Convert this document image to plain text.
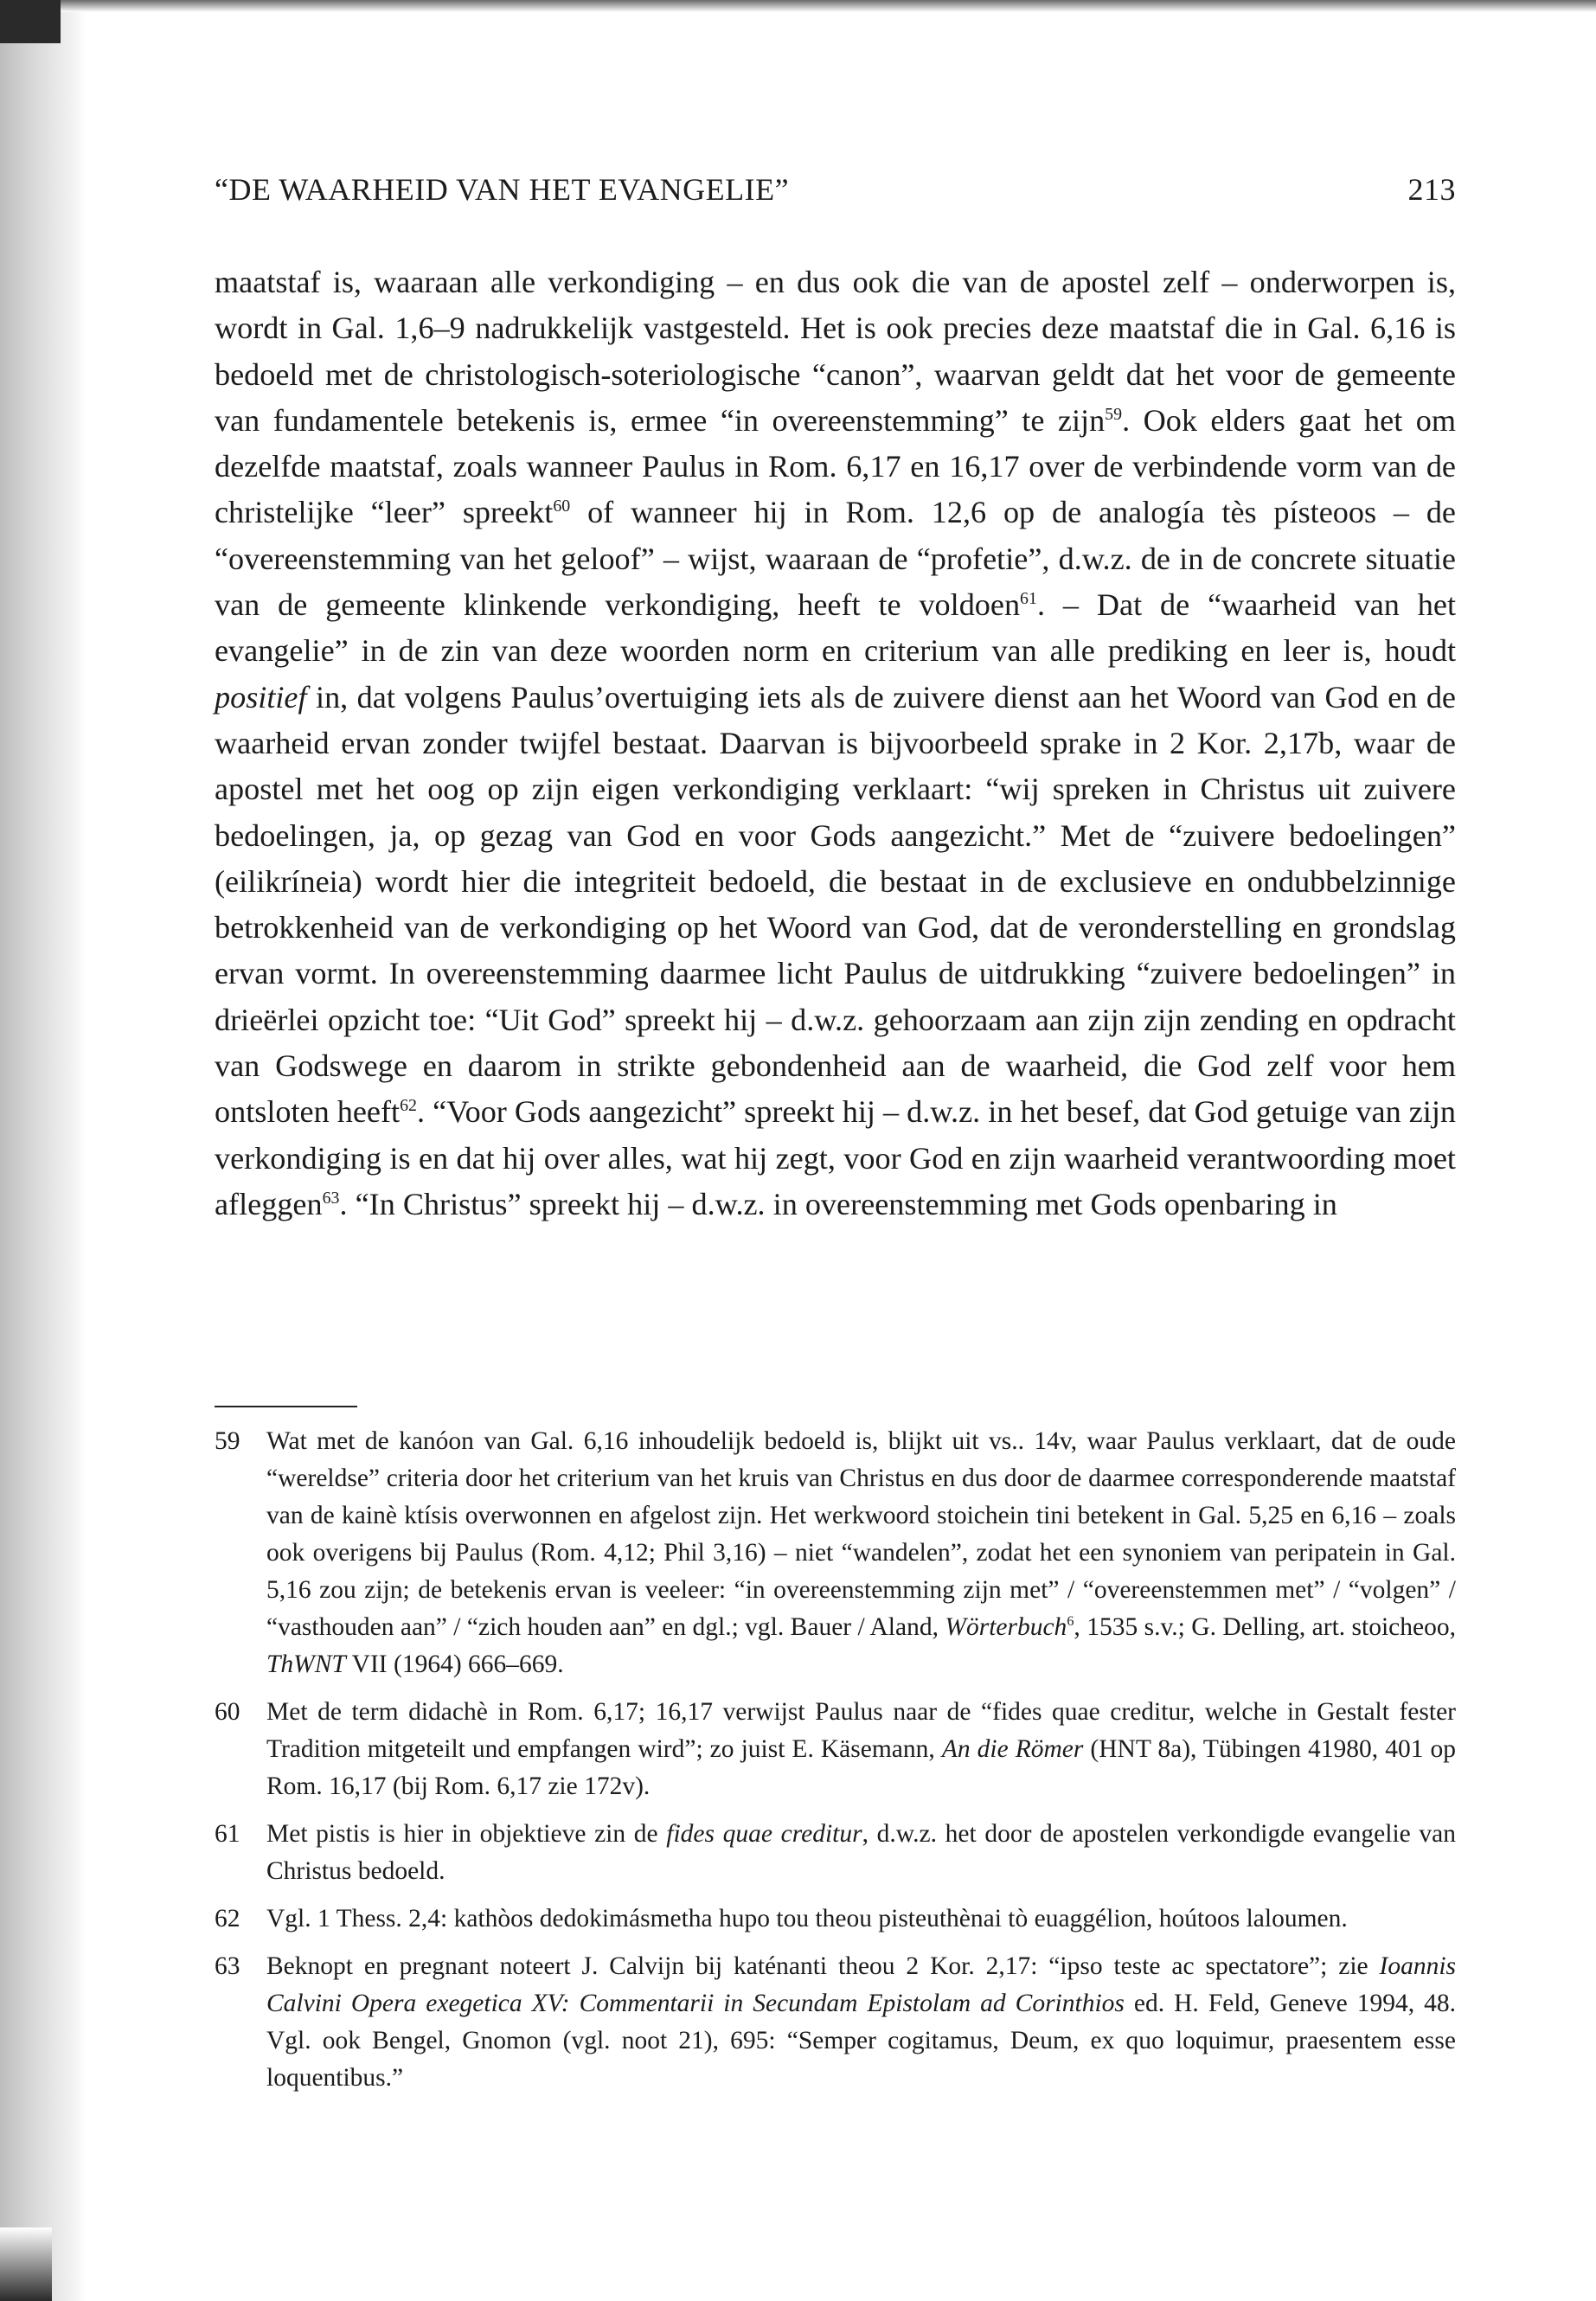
“DE WAARHEID VAN HET EVANGELIE”	213

maatstaf is, waaraan alle verkondiging – en dus ook die van de apostel zelf – onderworpen is, wordt in Gal. 1,6–9 nadrukkelijk vastgesteld. Het is ook precies deze maatstaf die in Gal. 6,16 is bedoeld met de christologisch-soteriologische “canon”, waarvan geldt dat het voor de gemeente van fundamentele betekenis is, ermee “in overeenstemming” te zijn$^{59}$. Ook elders gaat het om dezelfde maatstaf, zoals wanneer Paulus in Rom. 6,17 en 16,17 over de verbindende vorm van de christelijke “leer” spreekt$^{60}$ of wanneer hij in Rom. 12,6 op de analogía tès písteoos – de “overeenstemming van het geloof” – wijst, waaraan de “profetie”, d.w.z. de in de concrete situatie van de gemeente klinkende verkondiging, heeft te voldoen$^{61}$. – Dat de “waarheid van het evangelie” in de zin van deze woorden norm en criterium van alle prediking en leer is, houdt positief in, dat volgens Paulus’overtuiging iets als de zuivere dienst aan het Woord van God en de waarheid ervan zonder twijfel bestaat. Daarvan is bijvoorbeeld sprake in 2 Kor. 2,17b, waar de apostel met het oog op zijn eigen verkondiging verklaart: “wij spreken in Christus uit zuivere bedoelingen, ja, op gezag van God en voor Gods aangezicht.” Met de “zuivere bedoelingen” (eilikríneia) wordt hier die integriteit bedoeld, die bestaat in de exclusieve en ondubbelzinnige betrokkenheid van de verkondiging op het Woord van God, dat de veronderstelling en grondslag ervan vormt. In overeenstemming daarmee licht Paulus de uitdrukking “zuivere bedoelingen” in drieërlei opzicht toe: “Uit God” spreekt hij – d.w.z. gehoorzaam aan zijn zijn zending en opdracht van Godswege en daarom in strikte gebondenheid aan de waarheid, die God zelf voor hem ontsloten heeft$^{62}$. “Voor Gods aangezicht” spreekt hij – d.w.z. in het besef, dat God getuige van zijn verkondiging is en dat hij over alles, wat hij zegt, voor God en zijn waarheid verantwoording moet afleggen$^{63}$. “In Christus” spreekt hij – d.w.z. in overeenstemming met Gods openbaring in

59	Wat met de kanóon van Gal. 6,16 inhoudelijk bedoeld is, blijkt uit vs.. 14v, waar Paulus verklaart, dat de oude “wereldse” criteria door het criterium van het kruis van Christus en dus door de daarmee corresponderende maatstaf van de kainè ktísis overwonnen en afgelost zijn. Het werkwoord stoichein tini betekent in Gal. 5,25 en 6,16 – zoals ook overigens bij Paulus (Rom. 4,12; Phil 3,16) – niet “wandelen”, zodat het een synoniem van peripatein in Gal. 5,16 zou zijn; de betekenis ervan is veeleer: “in overeenstemming zijn met” / “overeenstemmen met” / “volgen” / “vasthouden aan” / “zich houden aan” en dgl.; vgl. Bauer / Aland, Wörterbuch$^6$, 1535 s.v.; G. Delling, art. stoicheoo, ThWNT VII (1964) 666–669.
60	Met de term didachè in Rom. 6,17; 16,17 verwijst Paulus naar de “fides quae creditur, welche in Gestalt fester Tradition mitgeteilt und empfangen wird”; zo juist E. Käsemann, An die Römer (HNT 8a), Tübingen 41980, 401 op Rom. 16,17 (bij Rom. 6,17 zie 172v).
61	Met pistis is hier in objektieve zin de fides quae creditur, d.w.z. het door de apostelen verkondigde evangelie van Christus bedoeld.
62	Vgl. 1 Thess. 2,4: kathòos dedokimásmetha hupo tou theou pisteuthènai tò euaggélion, hoútoos laloumen.
63	Beknopt en pregnant noteert J. Calvijn bij katénanti theou 2 Kor. 2,17: “ipso teste ac spectatore”; zie Ioannis Calvini Opera exegetica XV: Commentarii in Secundam Epistolam ad Corinthios ed. H. Feld, Geneve 1994, 48. Vgl. ook Bengel, Gnomon (vgl. noot 21), 695: “Semper cogitamus, Deum, ex quo loquimur, praesentem esse loquentibus.”
